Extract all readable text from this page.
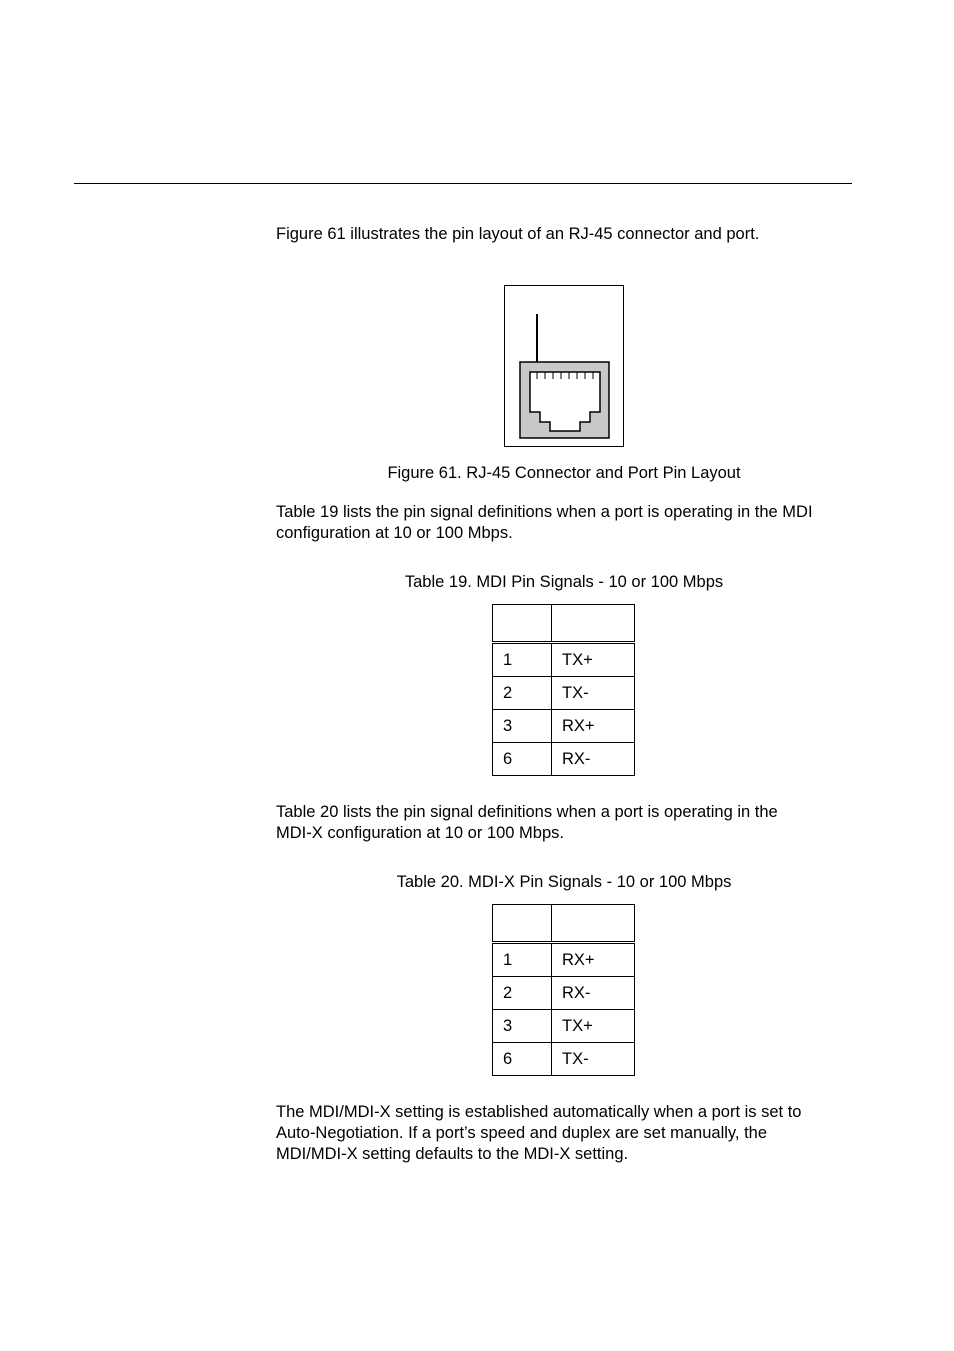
Figure 61 illustrates the pin layout of an RJ-45 connector and port.

Figure 61. RJ-45 Connector and Port Pin Layout

Table 19 lists the pin signal definitions when a port is operating in the MDI
configuration at 10 or 100 Mbps.

Table 19. MDI Pin Signals - 10 or 100 Mbps

1	TX+
2	TX-
3	RX+
6	RX-

Table 20 lists the pin signal definitions when a port is operating in the
MDI-X configuration at 10 or 100 Mbps.

Table 20. MDI-X Pin Signals - 10 or 100 Mbps

1	RX+
2	RX-
3	TX+
6	TX-

The MDI/MDI-X setting is established automatically when a port is set to
Auto-Negotiation. If a port’s speed and duplex are set manually, the
MDI/MDI-X setting defaults to the MDI-X setting.
